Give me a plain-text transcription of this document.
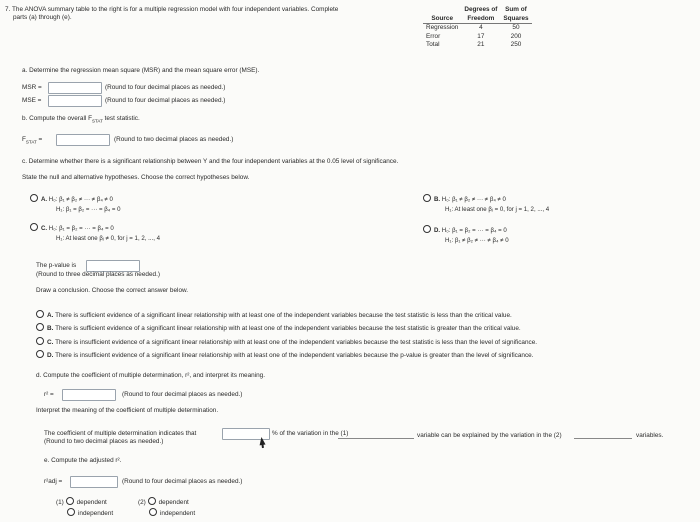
7. The ANOVA summary table to the right is for a multiple regression model with four independent variables. Complete
parts (a) through (e).
	Degrees of	Sum of
Source	Freedom	Squares
Regression	4	50
Error	17	200
Total	21	250
a. Determine the regression mean square (MSR) and the mean square error (MSE).
MSR =	(Round to four decimal places as needed.)
MSE =	(Round to four decimal places as needed.)
b. Compute the overall $F_{STAT}$ test statistic.
$F_{STAT}$ =	(Round to two decimal places as needed.)
c. Determine whether there is a significant relationship between Y and the four independent variables at the 0.05 level of significance.
State the null and alternative hypotheses. Choose the correct hypotheses below.
A. H₀: β₁ ≠ β₂ ≠ ··· ≠ β₄ ≠ 0
H₁: β₁ = β₂ = ··· = β₄ = 0
B. H₀: β₁ ≠ β₂ ≠ ··· ≠ β₄ ≠ 0
H₁: At least one βⱼ = 0, for j = 1, 2, ..., 4
C. H₀: β₁ = β₂ = ··· = β₄ = 0
H₁: At least one βⱼ ≠ 0, for j = 1, 2, ..., 4
D. H₀: β₁ = β₂ = ··· = β₄ = 0
H₁: β₁ ≠ β₂ ≠ ··· ≠ β₄ ≠ 0
The p-value is
(Round to three decimal places as needed.)
Draw a conclusion. Choose the correct answer below.
A. There is sufficient evidence of a significant linear relationship with at least one of the independent variables because the test statistic is less than the critical value.
B. There is sufficient evidence of a significant linear relationship with at least one of the independent variables because the test statistic is greater than the critical value.
C. There is insufficient evidence of a significant linear relationship with at least one of the independent variables because the test statistic is less than the level of significance.
D. There is insufficient evidence of a significant linear relationship with at least one of the independent variables because the p-value is greater than the level of significance.
d. Compute the coefficient of multiple determination, r², and interpret its meaning.
r² =	(Round to four decimal places as needed.)
Interpret the meaning of the coefficient of multiple determination.
The coefficient of multiple determination indicates that	% of the variation in the (1)	variable can be explained by the variation in the (2)	variables.
(Round to two decimal places as needed.)
e. Compute the adjusted r².
r²adj =	(Round to four decimal places as needed.)
(1) dependent
independent
(2) dependent
independent
